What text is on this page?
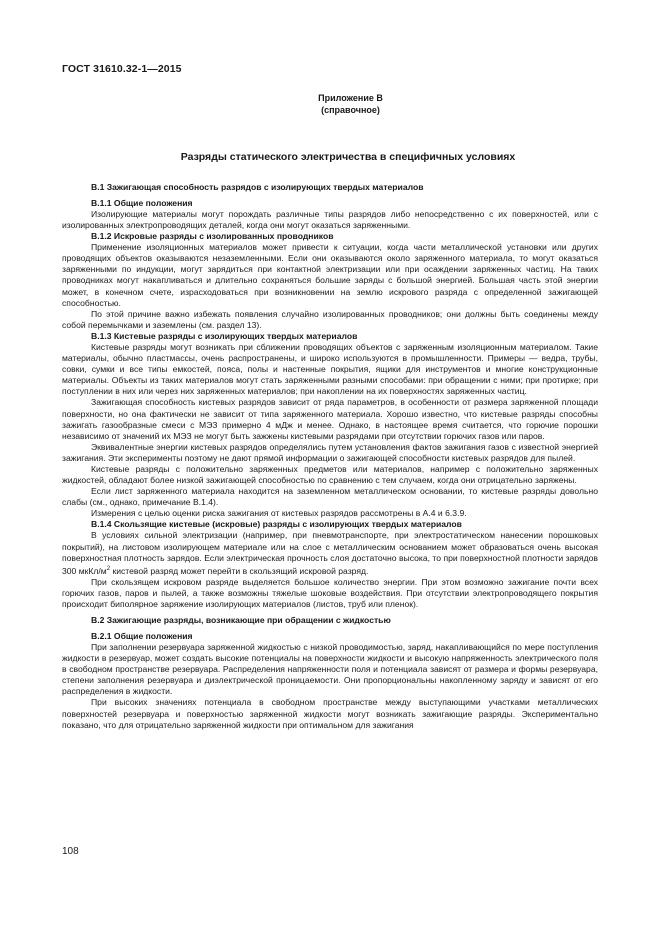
ГОСТ 31610.32-1—2015
Приложение В
(справочное)
Разряды статического электричества в специфичных условиях

В.1 Зажигающая способность разрядов с изолирующих твердых материалов

В.1.1 Общие положения

Изолирующие материалы могут порождать различные типы разрядов либо непосредственно с их поверхностей, или с изолированных электропроводящих деталей, когда они могут оказаться заряженными.

В.1.2 Искровые разряды с изолированных проводников

Применение изоляционных материалов может привести к ситуации, когда части металлической установки или других проводящих объектов оказываются незаземленными. Если они оказываются около заряженного материала, то могут оказаться заряженными по индукции, могут зарядиться при контактной электризации или при осаждении заряженных частиц. На таких проводниках могут накапливаться и длительно сохраняться большие заряды с большой энергией. Большая часть этой энергии может, в конечном счете, израсходоваться при возникновении на землю искрового разряда с определенной зажигающей способностью.

По этой причине важно избежать появления случайно изолированных проводников; они должны быть соединены между собой перемычками и заземлены (см. раздел 13).

В.1.3 Кистевые разряды с изолирующих твердых материалов

Кистевые разряды могут возникать при сближении проводящих объектов с заряженным изоляционным материалом. Такие материалы, обычно пластмассы, очень распространены, и широко используются в промышленности. Примеры — ведра, трубы, совки, сумки и все типы емкостей, пояса, полы и настенные покрытия, ящики для инструментов и многие конструкционные материалы. Объекты из таких материалов могут стать заряженными разными способами: при обращении с ними; при протирке; при поступлении в них или через них заряженных материалов; при накоплении на их поверхностях заряженных частиц.

Зажигающая способность кистевых разрядов зависит от ряда параметров, в особенности от размера заряженной площади поверхности, но она фактически не зависит от типа заряженного материала. Хорошо известно, что кистевые разряды способны зажигать газообразные смеси с МЭЗ примерно 4 мДж и менее. Однако, в настоящее время считается, что горючие порошки независимо от значений их МЭЗ не могут быть зажжены кистевыми разрядами при отсутствии горючих газов или паров.

Эквивалентные энергии кистевых разрядов определялись путем установления фактов зажигания газов с известной энергией зажигания. Эти эксперименты поэтому не дают прямой информации о зажигающей способности кистевых разрядов для пылей.

Кистевые разряды с положительно заряженных предметов или материалов, например с положительно заряженных жидкостей, обладают более низкой зажигающей способностью по сравнению с тем случаем, когда они отрицательно заряжены.

Если лист заряженного материала находится на заземленном металлическом основании, то кистевые разряды довольно слабы (см., однако, примечание В.1.4).

Измерения с целью оценки риска зажигания от кистевых разрядов рассмотрены в А.4 и 6.3.9.

В.1.4 Скользящие кистевые (искровые) разряды с изолирующих твердых материалов

В условиях сильной электризации (например, при пневмотранспорте, при электростатическом нанесении порошковых покрытий), на листовом изолирующем материале или на слое с металлическим основанием может образоваться очень высокая поверхностная плотность зарядов. Если электрическая прочность слоя достаточно высока, то при поверхностной плотности зарядов 300 мкКл/$м^2$ кистевой разряд может перейти в скользящий искровой разряд.

При скользящем искровом разряде выделяется большое количество энергии. При этом возможно зажигание почти всех горючих газов, паров и пылей, а также возможны тяжелые шоковые воздействия. При отсутствии электропроводящего покрытия происходит биполярное заряжение изолирующих материалов (листов, труб или пленок).

В.2 Зажигающие разряды, возникающие при обращении с жидкостью

В.2.1 Общие положения

При заполнении резервуара заряженной жидкостью с низкой проводимостью, заряд, накапливающийся по мере поступления жидкости в резервуар, может создать высокие потенциалы на поверхности жидкости и высокую напряженность электрического поля в свободном пространстве резервуара. Распределения напряженности поля и потенциала зависят от размера и формы резервуара, степени заполнения резервуара и диэлектрической проницаемости. Они пропорциональны накопленному заряду и зависят от его распределения в жидкости.

При высоких значениях потенциала в свободном пространстве между выступающими участками металлических поверхностей резервуара и поверхностью заряженной жидкости могут возникать зажигающие разряды. Экспериментально показано, что для отрицательно заряженной жидкости при оптимальном для зажигания

108
